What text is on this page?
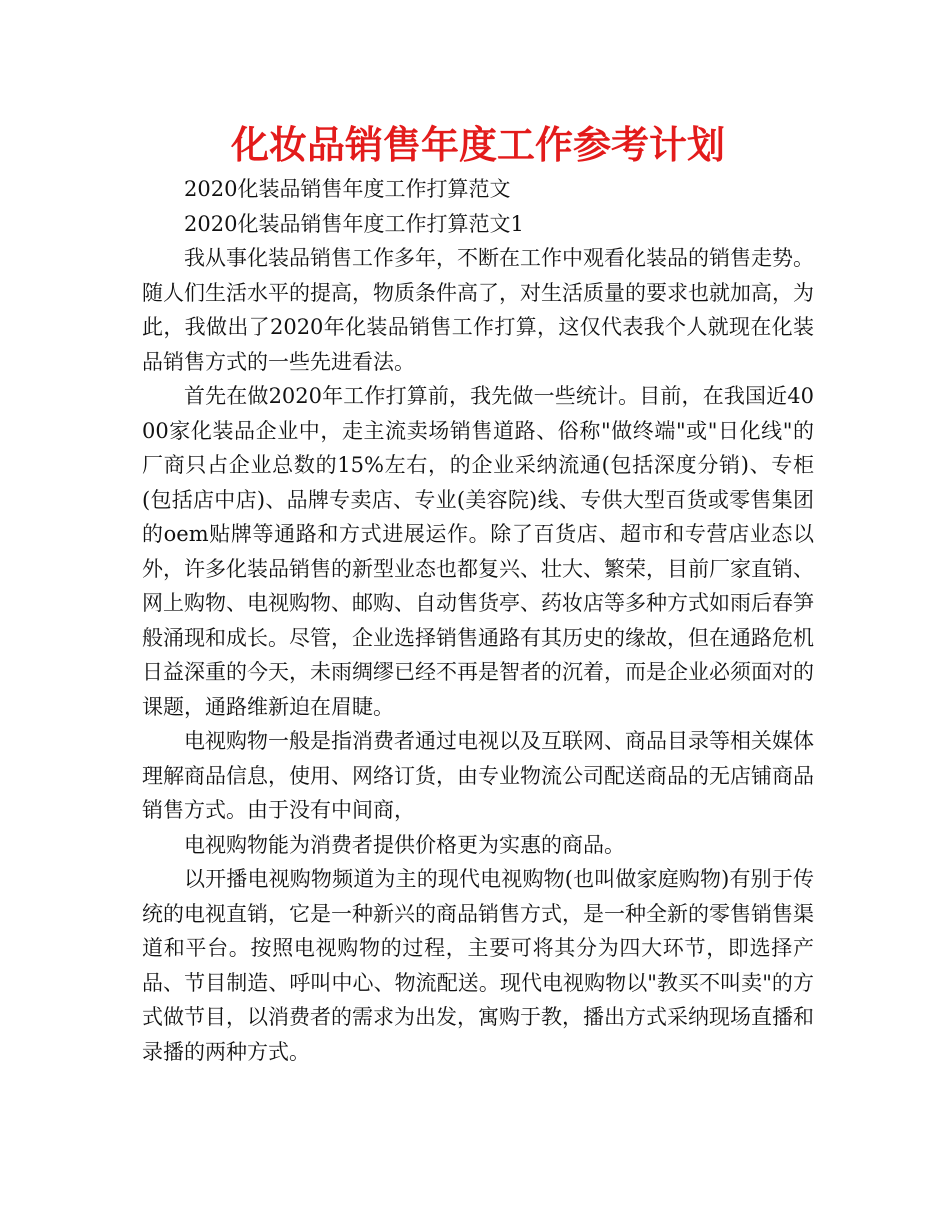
化妆品销售年度工作参考计划

2020化装品销售年度工作打算范文

2020化装品销售年度工作打算范文1

我从事化装品销售工作多年，不断在工作中观看化装品的销售走势。随人们生活水平的提高，物质条件高了，对生活质量的要求也就加高，为此，我做出了2020年化装品销售工作打算，这仅代表我个人就现在化装品销售方式的一些先进看法。

首先在做2020年工作打算前，我先做一些统计。目前，在我国近4000家化装品企业中，走主流卖场销售道路、俗称"做终端"或"日化线"的厂商只占企业总数的15%左右，的企业采纳流通(包括深度分销)、专柜(包括店中店)、品牌专卖店、专业(美容院)线、专供大型百货或零售集团的oem贴牌等通路和方式进展运作。除了百货店、超市和专营店业态以外，许多化装品销售的新型业态也都复兴、壮大、繁荣，目前厂家直销、网上购物、电视购物、邮购、自动售货亭、药妆店等多种方式如雨后春笋般涌现和成长。尽管，企业选择销售通路有其历史的缘故，但在通路危机日益深重的今天，未雨绸缪已经不再是智者的沉着，而是企业必须面对的课题，通路维新迫在眉睫。

电视购物一般是指消费者通过电视以及互联网、商品目录等相关媒体理解商品信息，使用、网络订货，由专业物流公司配送商品的无店铺商品销售方式。由于没有中间商，

电视购物能为消费者提供价格更为实惠的商品。

以开播电视购物频道为主的现代电视购物(也叫做家庭购物)有别于传统的电视直销，它是一种新兴的商品销售方式，是一种全新的零售销售渠道和平台。按照电视购物的过程，主要可将其分为四大环节，即选择产品、节目制造、呼叫中心、物流配送。现代电视购物以"教买不叫卖"的方式做节目，以消费者的需求为出发，寓购于教，播出方式采纳现场直播和录播的两种方式。
